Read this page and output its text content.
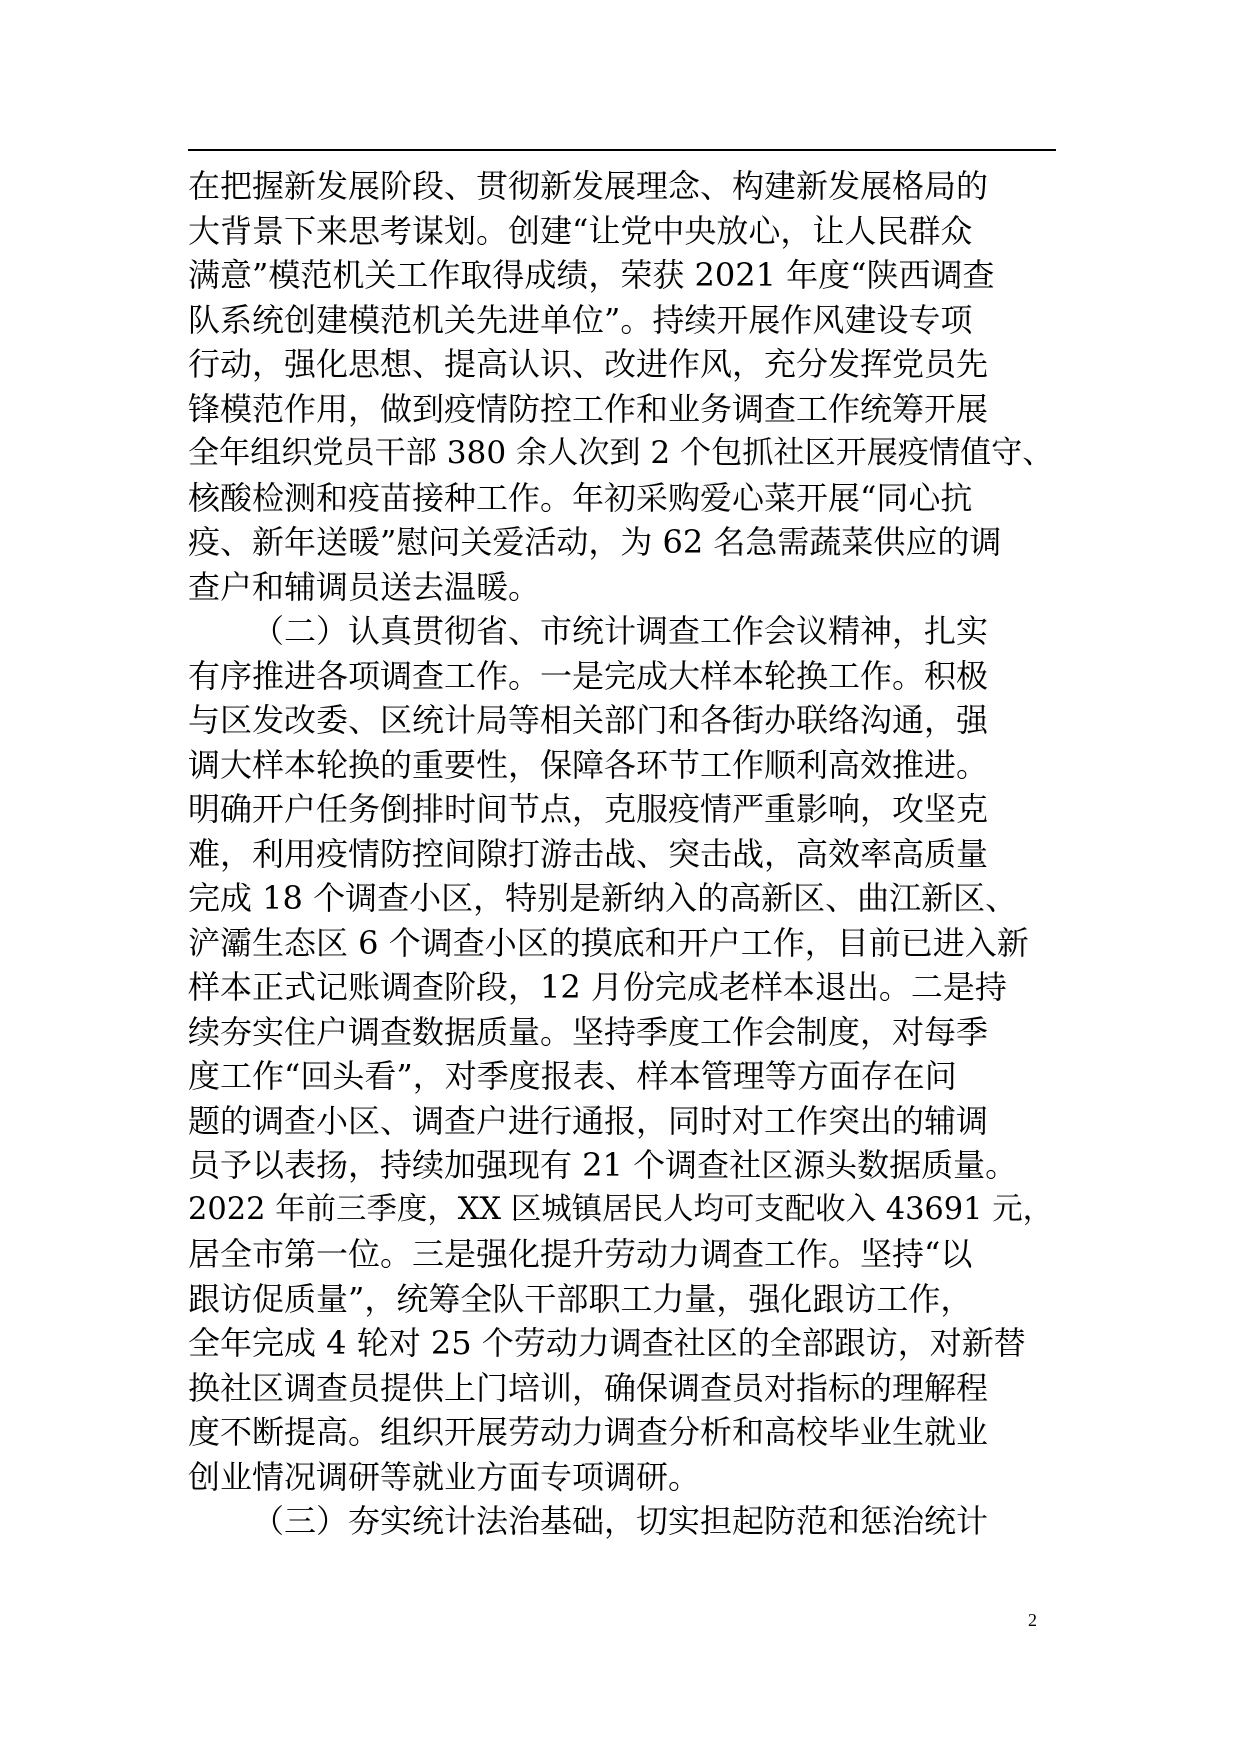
在把握新发展阶段、贯彻新发展理念、构建新发展格局的
大背景下来思考谋划。创建“让党中央放心，让人民群众
满意”模范机关工作取得成绩，荣获 2021 年度“陕西调查
队系统创建模范机关先进单位”。持续开展作风建设专项
行动，强化思想、提高认识、改进作风，充分发挥党员先
锋模范作用，做到疫情防控工作和业务调查工作统筹开展
全年组织党员干部 380 余人次到 2 个包抓社区开展疫情值守、
核酸检测和疫苗接种工作。年初采购爱心菜开展“同心抗
疫、新年送暖”慰问关爱活动，为 62 名急需蔬菜供应的调
查户和辅调员送去温暖。
（二）认真贯彻省、市统计调查工作会议精神，扎实
有序推进各项调查工作。一是完成大样本轮换工作。积极
与区发改委、区统计局等相关部门和各街办联络沟通，强
调大样本轮换的重要性，保障各环节工作顺利高效推进。
明确开户任务倒排时间节点，克服疫情严重影响，攻坚克
难，利用疫情防控间隙打游击战、突击战，高效率高质量
完成 18 个调查小区，特别是新纳入的高新区、曲江新区、
浐灞生态区 6 个调查小区的摸底和开户工作，目前已进入新
样本正式记账调查阶段，12 月份完成老样本退出。二是持
续夯实住户调查数据质量。坚持季度工作会制度，对每季
度工作“回头看”，对季度报表、样本管理等方面存在问
题的调查小区、调查户进行通报，同时对工作突出的辅调
员予以表扬，持续加强现有 21 个调查社区源头数据质量。
2022 年前三季度，XX 区城镇居民人均可支配收入 43691 元，
居全市第一位。三是强化提升劳动力调查工作。坚持“以
跟访促质量”，统筹全队干部职工力量，强化跟访工作，
全年完成 4 轮对 25 个劳动力调查社区的全部跟访，对新替
换社区调查员提供上门培训，确保调查员对指标的理解程
度不断提高。组织开展劳动力调查分析和高校毕业生就业
创业情况调研等就业方面专项调研。
（三）夯实统计法治基础，切实担起防范和惩治统计
2
